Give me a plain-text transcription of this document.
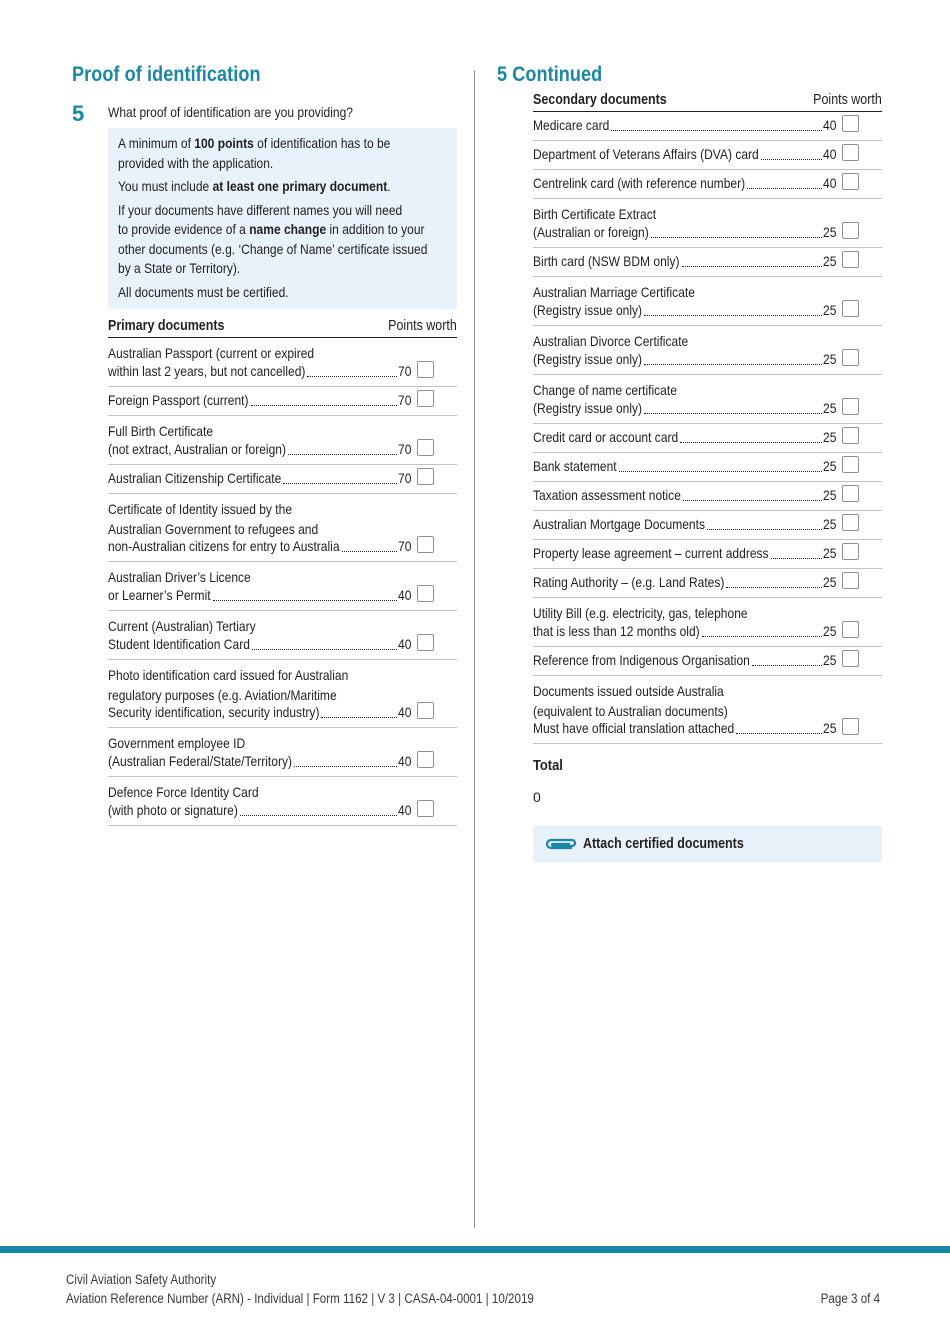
Proof of identification
5 What proof of identification are you providing?

A minimum of 100 points of identification has to be
provided with the application.

You must include at least one primary document.

If your documents have different names you will need
to provide evidence of a name change in addition to your
other documents (e.g. ‘Change of Name’ certificate issued
by a State or Territory).

All documents must be certified.

Primary documents	Points worth
Australian Passport (current or expired
within last 2 years, but not cancelled)	70
Foreign Passport (current)	70
Full Birth Certificate
(not extract, Australian or foreign)	70
Australian Citizenship Certificate	70
Certificate of Identity issued by the
Australian Government to refugees and
non-Australian citizens for entry to Australia	70
Australian Driver’s Licence
or Learner’s Permit	40
Current (Australian) Tertiary
Student Identification Card	40
Photo identification card issued for Australian
regulatory purposes (e.g. Aviation/Maritime
Security identification, security industry)	40
Government employee ID
(Australian Federal/State/Territory)	40
Defence Force Identity Card
(with photo or signature)	40
5 Continued
Secondary documents	Points worth
Medicare card	40
Department of Veterans Affairs (DVA) card	40
Centrelink card (with reference number)	40
Birth Certificate Extract
(Australian or foreign)	25
Birth card (NSW BDM only)	25
Australian Marriage Certificate
(Registry issue only)	25
Australian Divorce Certificate
(Registry issue only)	25
Change of name certificate
(Registry issue only)	25
Credit card or account card	25
Bank statement	25
Taxation assessment notice	25
Australian Mortgage Documents	25
Property lease agreement – current address	25
Rating Authority – (e.g. Land Rates)	25
Utility Bill (e.g. electricity, gas, telephone
that is less than 12 months old)	25
Reference from Indigenous Organisation	25
Documents issued outside Australia
(equivalent to Australian documents)
Must have official translation attached	25
Total
0
Attach certified documents
Civil Aviation Safety Authority
Aviation Reference Number (ARN) - Individual | Form 1162 | V 3 | CASA-04-0001 | 10/2019	Page 3 of 4
